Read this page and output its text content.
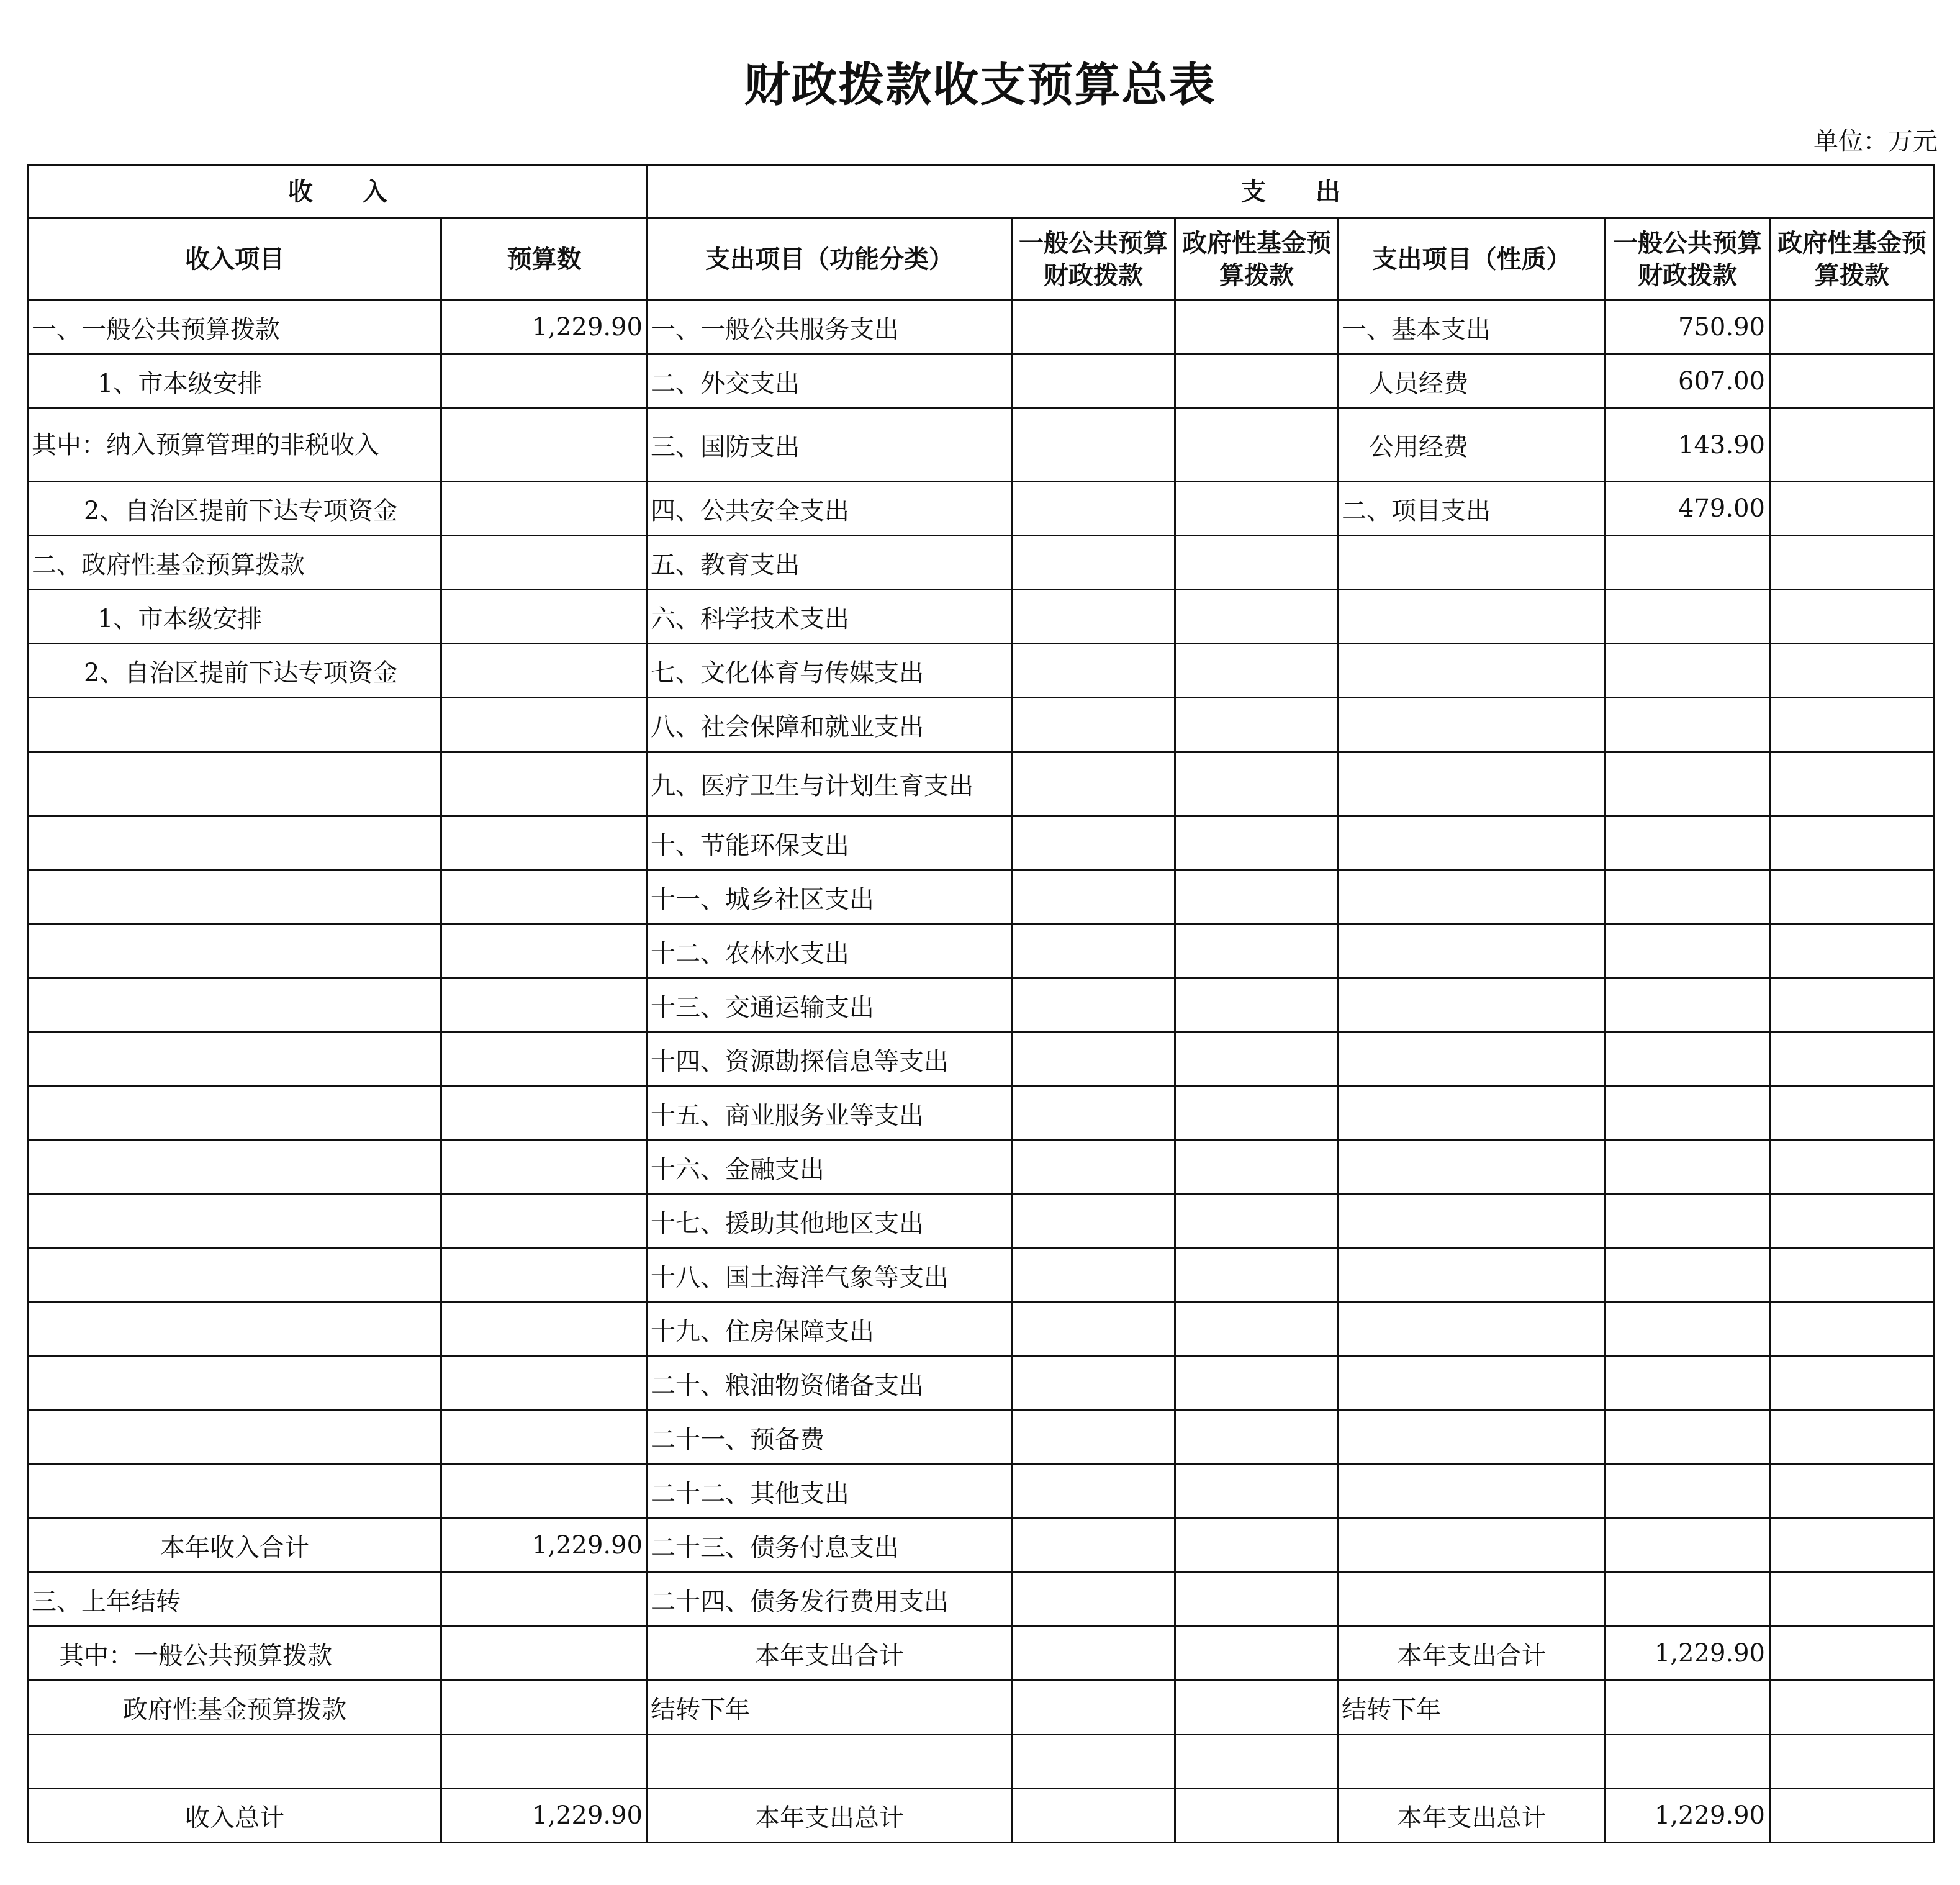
财政拨款收支预算总表
单位：万元
收　　入		支　　出					
收入项目	预算数	支出项目（功能分类）	一般公共预算财政拨款	政府性基金预算拨款	支出项目（性质）	一般公共预算财政拨款	政府性基金预算拨款
一、一般公共预算拨款	1,229.90	一、一般公共服务支出			一、基本支出	750.90	
1、市本级安排		二、外交支出			人员经费	607.00	
其中：纳入预算管理的非税收入		三、国防支出			公用经费	143.90	
2、自治区提前下达专项资金		四、公共安全支出			二、项目支出	479.00	
二、政府性基金预算拨款		五、教育支出					
1、市本级安排		六、科学技术支出					
2、自治区提前下达专项资金		七、文化体育与传媒支出					
		八、社会保障和就业支出					
		九、医疗卫生与计划生育支出					
		十、节能环保支出					
		十一、城乡社区支出					
		十二、农林水支出					
		十三、交通运输支出					
		十四、资源勘探信息等支出					
		十五、商业服务业等支出					
		十六、金融支出					
		十七、援助其他地区支出					
		十八、国土海洋气象等支出					
		十九、住房保障支出					
		二十、粮油物资储备支出					
		二十一、预备费					
		二十二、其他支出					
本年收入合计	1,229.90	二十三、债务付息支出					
三、上年结转		二十四、债务发行费用支出					
其中：一般公共预算拨款		本年支出合计			本年支出合计	1,229.90	
政府性基金预算拨款		结转下年			结转下年		

收入总计	1,229.90	本年支出总计			本年支出总计	1,229.90	
